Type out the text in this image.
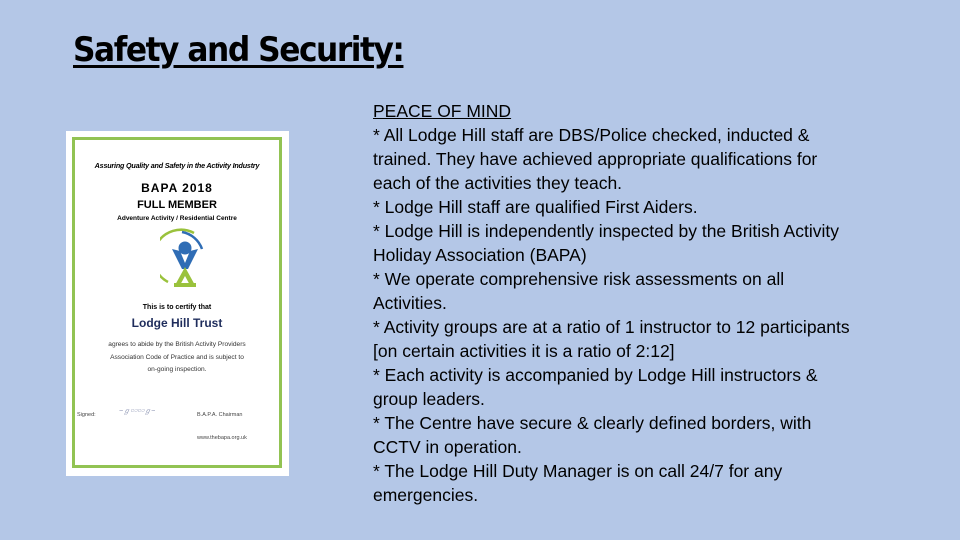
Safety and Security:
Assuring Quality and Safety in the Activity Industry
BAPA 2018
FULL MEMBER
Adventure Activity / Residential Centre
This is to certify that
Lodge Hill Trust
agrees to abide by the British Activity Providers
Association Code of Practice and is subject to
on-going inspection.
Signed:	~ℊ∽∽ℊ~	B.A.P.A. Chairman
www.thebapa.org.uk
PEACE OF MIND
* All Lodge Hill staff are DBS/Police checked, inducted &
trained. They have achieved appropriate qualifications for
each of the activities they teach.
* Lodge Hill staff are qualified First Aiders.
* Lodge Hill is independently inspected by the British Activity
Holiday Association (BAPA)
* We operate comprehensive risk assessments on all
Activities.
* Activity groups are at a ratio of 1 instructor to 12 participants
[on certain activities it is a ratio of 2:12]
* Each activity is accompanied by Lodge Hill instructors &
group leaders.
* The Centre have secure & clearly defined borders, with
CCTV in operation.
* The Lodge Hill Duty Manager is on call 24/7 for any
emergencies.
